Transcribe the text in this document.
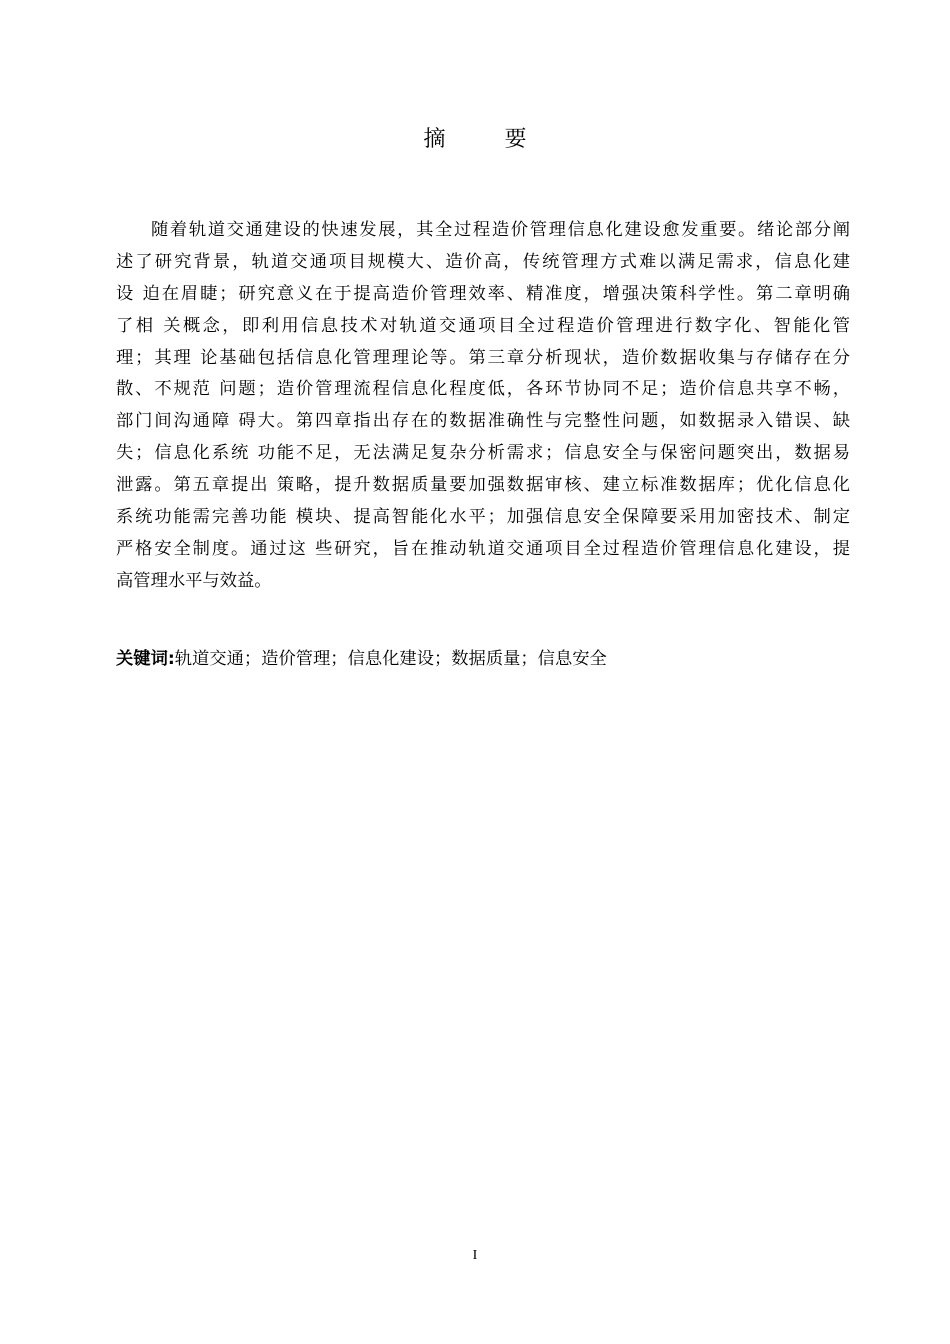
摘 要
随着轨道交通建设的快速发展，其全过程造价管理信息化建设愈发重要。绪论部分阐
述了研究背景，轨道交通项目规模大、造价高，传统管理方式难以满足需求，信息化建
设 迫在眉睫；研究意义在于提高造价管理效率、精准度，增强决策科学性。第二章明确
了相 关概念，即利用信息技术对轨道交通项目全过程造价管理进行数字化、智能化管
理；其理 论基础包括信息化管理理论等。第三章分析现状，造价数据收集与存储存在分
散、不规范 问题；造价管理流程信息化程度低，各环节协同不足；造价信息共享不畅，
部门间沟通障 碍大。第四章指出存在的数据准确性与完整性问题，如数据录入错误、缺
失；信息化系统 功能不足，无法满足复杂分析需求；信息安全与保密问题突出，数据易
泄露。第五章提出 策略，提升数据质量要加强数据审核、建立标准数据库；优化信息化
系统功能需完善功能 模块、提高智能化水平；加强信息安全保障要采用加密技术、制定
严格安全制度。通过这 些研究，旨在推动轨道交通项目全过程造价管理信息化建设，提
高管理水平与效益。
关键词:轨道交通；造价管理；信息化建设；数据质量；信息安全
I
